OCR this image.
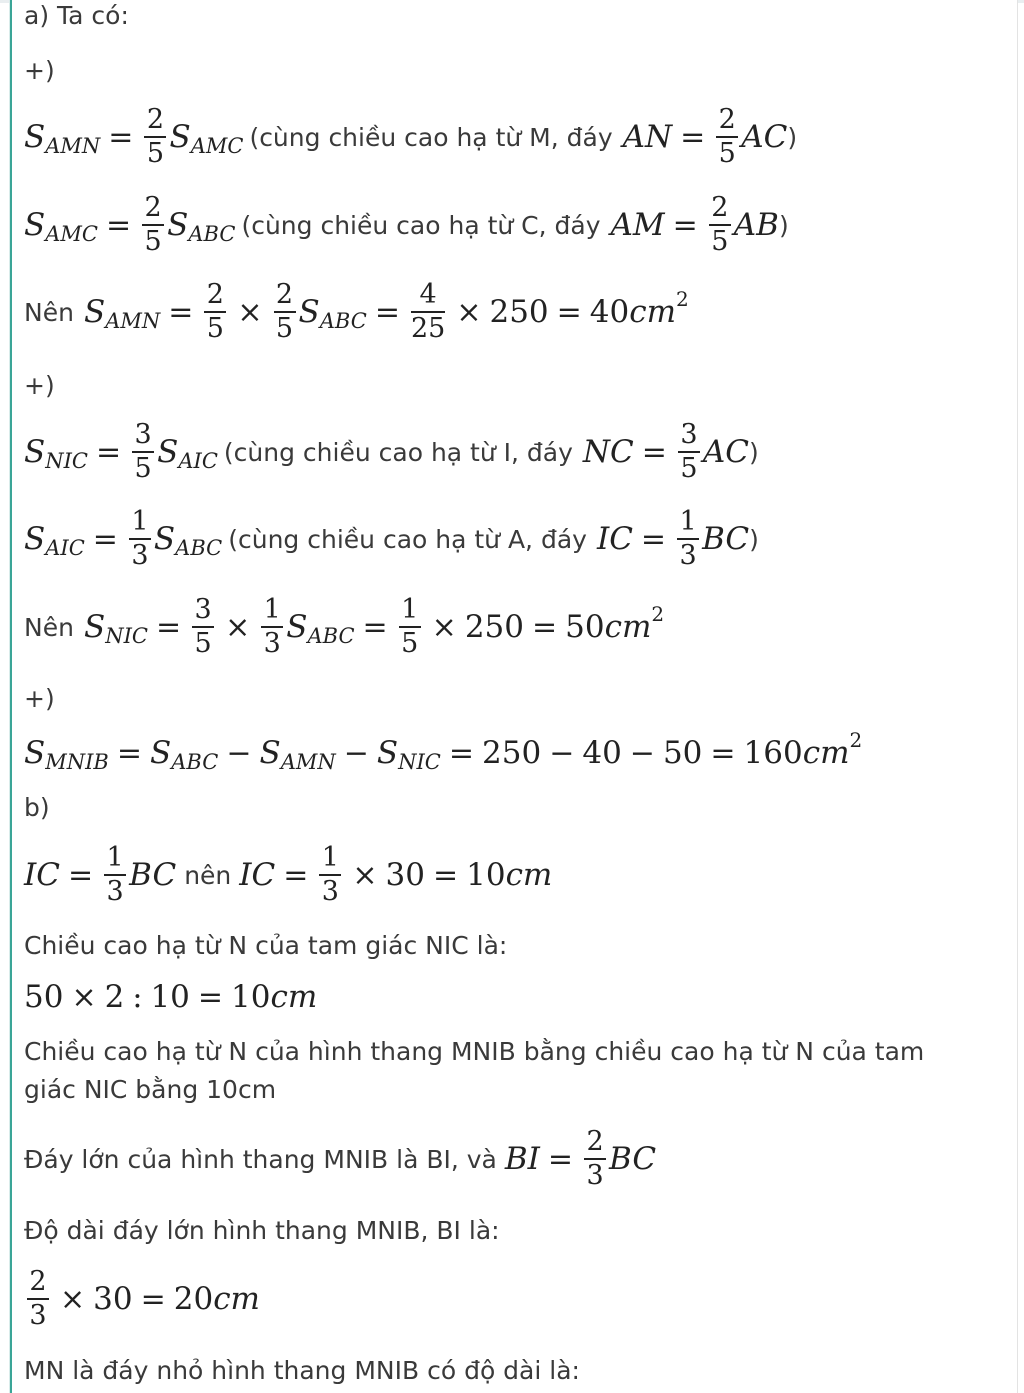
a) Ta có:
+)
S AMN = $\frac{2}{5}$ S AMC (cùng chiều cao hạ từ M, đáy AN = $\frac{2}{5}$ AC )
S AMC = $\frac{2}{5}$ S ABC (cùng chiều cao hạ từ C, đáy AM = $\frac{2}{5}$ AB )
Nên S AMN = $\frac{2}{5} \times \frac{2}{5}$ S ABC = $\frac{4}{25} \times 250 = 40$ cm 2
+)
S NIC = $\frac{3}{5}$ S AIC (cùng chiều cao hạ từ I, đáy NC = $\frac{3}{5}$ AC )
S AIC = $\frac{1}{3}$ S ABC (cùng chiều cao hạ từ A, đáy IC = $\frac{1}{3}$ BC )
Nên S NIC = $\frac{3}{5} \times \frac{1}{3}$ S ABC = $\frac{1}{5} \times 250 = 50$ cm 2
+)
S MNIB = S ABC − S AMN − S NIC = 250 − 40 − 50 = 160 cm 2
b)
IC = $\frac{1}{3}$ BC nên IC = $\frac{1}{3} \times 30 = 10$ cm
Chiều cao hạ từ N của tam giác NIC là:
50 × 2 : 10 = 10 cm
Chiều cao hạ từ N của hình thang MNIB bằng chiều cao hạ từ N của tam giác NIC bằng 10cm
Đáy lớn của hình thang MNIB là BI, và BI = $\frac{2}{3}$ BC
Độ dài đáy lớn hình thang MNIB, BI là:
$\frac{2}{3} \times 30 = 20$ cm
MN là đáy nhỏ hình thang MNIB có độ dài là:
